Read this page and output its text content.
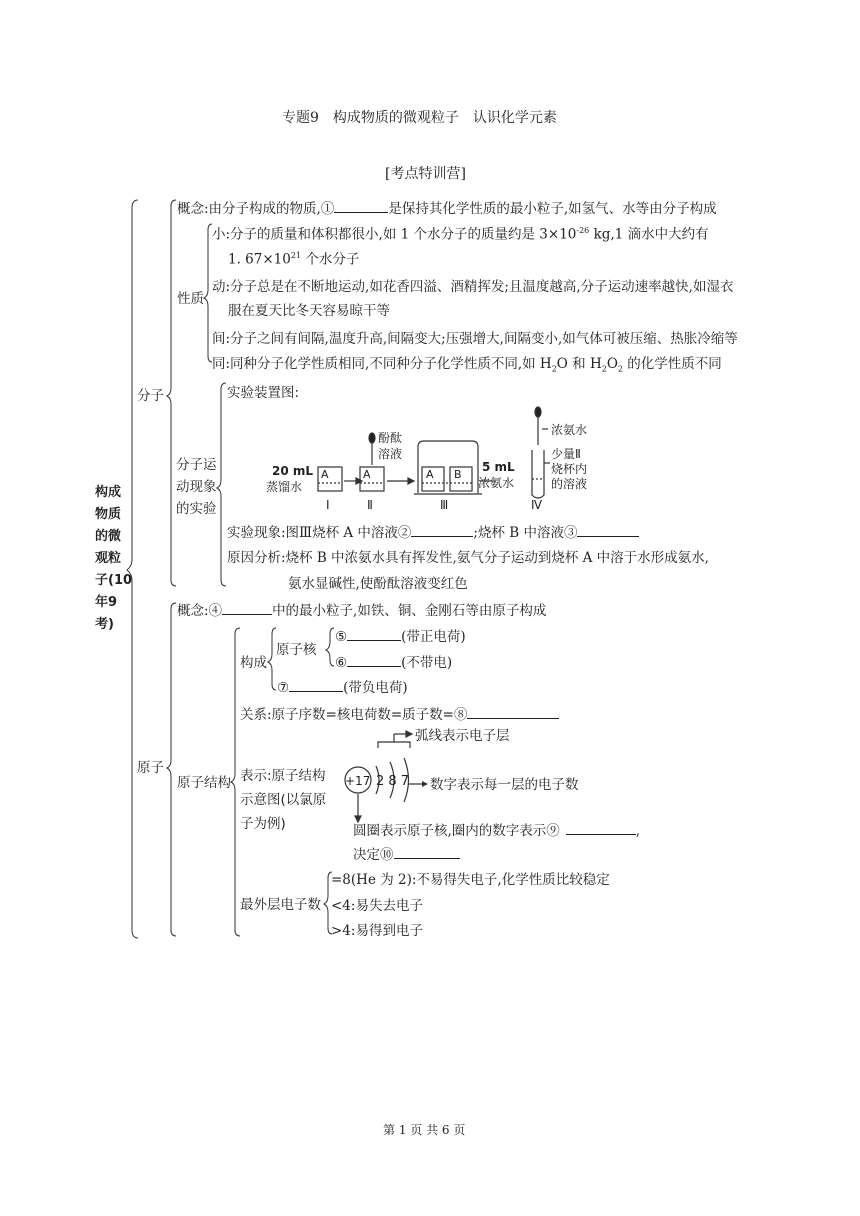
专题9　构成物质的微观粒子　认识化学元素
[考点特训营]
构成
物质
的微
观粒
子(10
年9
考)
分子
概念:由分子构成的物质,①	是保持其化学性质的最小粒子,如氢气、水等由分子构成
性质
小:分子的质量和体积都很小,如 1 个水分子的质量约是 $3\times 10^{-26}$ kg,1 滴水中大约有
1. $67\times 10^{21}$ 个水分子
动:分子总是在不断地运动,如花香四溢、酒精挥发;且温度越高,分子运动速率越快,如湿衣
服在夏天比冬天容易晾干等
间:分子之间有间隔,温度升高,间隔变大;压强增大,间隔变小,如气体可被压缩、热胀冷缩等
同:同种分子化学性质相同,不同种分子化学性质不同,如 $H_2O$ 和 $H_2O_2$ 的化学性质不同
分子运
动现象
的实验
实验装置图:
A	A	A B
20 mL
蒸馏水
酚酞
溶液
5 mL
浓氨水
浓氨水
少量Ⅱ
烧杯内
的溶液
Ⅰ	Ⅱ	Ⅲ	Ⅳ
实验现象:图Ⅲ烧杯 A 中溶液②	;烧杯 B 中溶液③
原因分析:烧杯 B 中浓氨水具有挥发性,氨气分子运动到烧杯 A 中溶于水形成氨水,
氨水显碱性,使酚酞溶液变红色
原子
概念:④	中的最小粒子,如铁、铜、金刚石等由原子构成
原子结构
构成
原子核
⑤	(带正电荷)
⑥	(不带电)
⑦	(带负电荷)
关系:原子序数=核电荷数=质子数=⑧
表示:原子结构
示意图(以氯原
子为例)
+17 2 8 7
弧线表示电子层
数字表示每一层的电子数
圆圈表示原子核,圈内的数字表示⑨	,
决定⑩
最外层电子数
=8(He 为 2):不易得失电子,化学性质比较稳定
<4:易失去电子
>4:易得到电子
第 1 页 共 6 页
